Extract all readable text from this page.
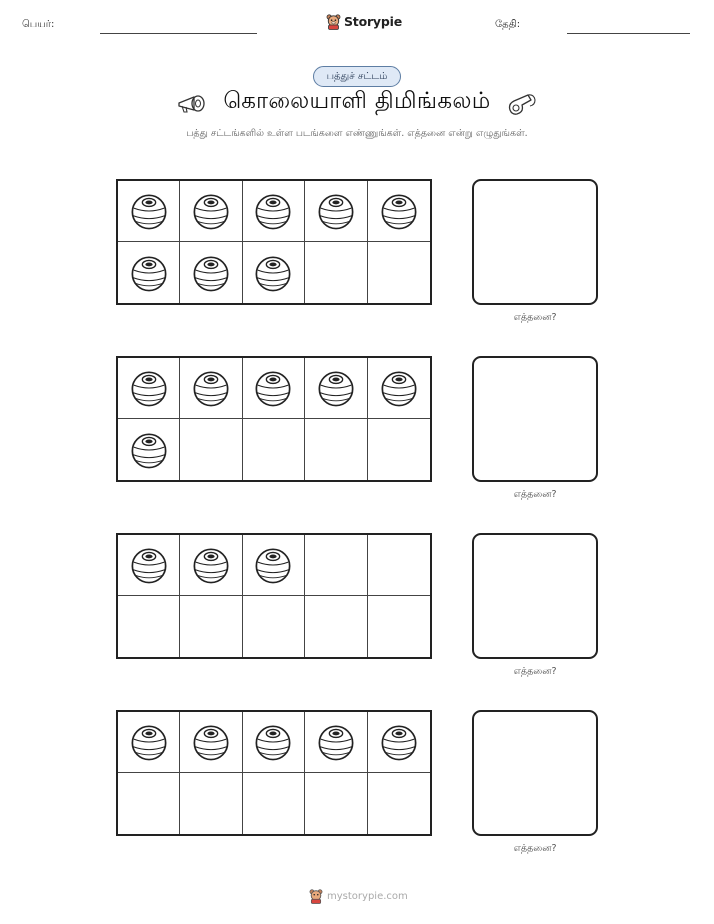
பெயர்:	Storypie	தேதி:
பத்துச் சட்டம்
கொலையாளி திமிங்கலம்
பத்து சட்டங்களில் உள்ள படங்களை எண்ணுங்கள். எத்தனை என்று எழுதுங்கள்.
எத்தனை?
எத்தனை?
எத்தனை?
எத்தனை?
mystorypie.com
